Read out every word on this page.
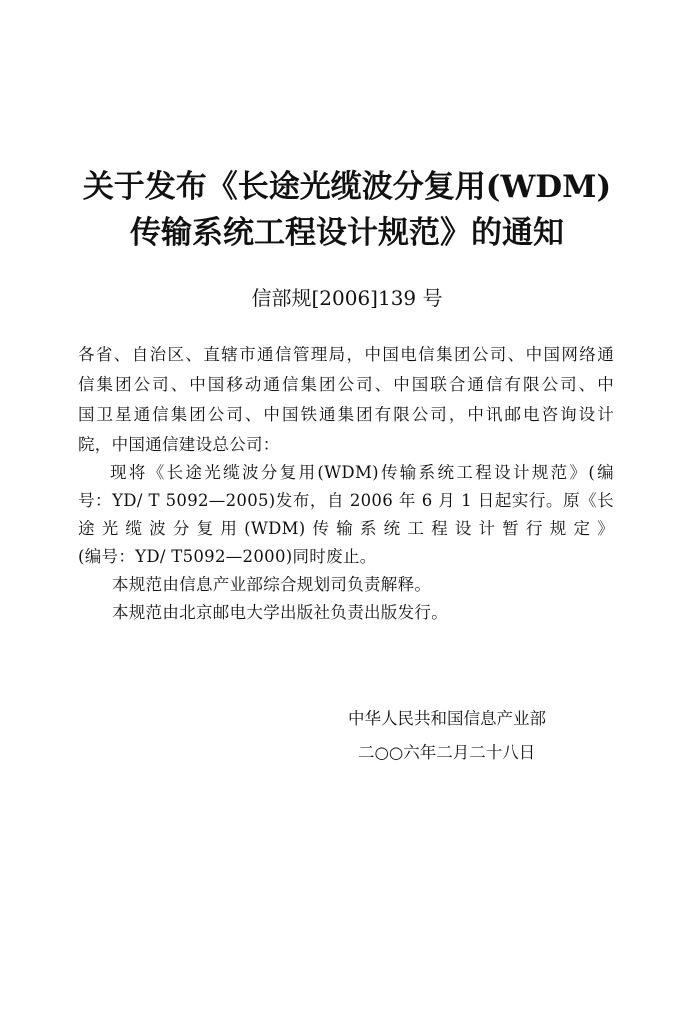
关于发布《长途光缆波分复用(WDM)
传输系统工程设计规范》的通知
信部规[2006]139 号
各省、自治区、直辖市通信管理局，中国电信集团公司、中国网络通
信集团公司、中国移动通信集团公司、中国联合通信有限公司、中
国卫星通信集团公司、中国铁通集团有限公司，中讯邮电咨询设计
院，中国通信建设总公司：
现将《长途光缆波分复用(WDM)传输系统工程设计规范》(编
号：YD/ T 5092—2005)发布，自 2006 年 6 月 1 日起实行。原《长
途光缆波分复用(WDM)传输系统工程设计暂行规定》
(编号：YD/ T5092—2000)同时废止。
本规范由信息产业部综合规划司负责解释。
本规范由北京邮电大学出版社负责出版发行。
中华人民共和国信息产业部
二○○六年二月二十八日
